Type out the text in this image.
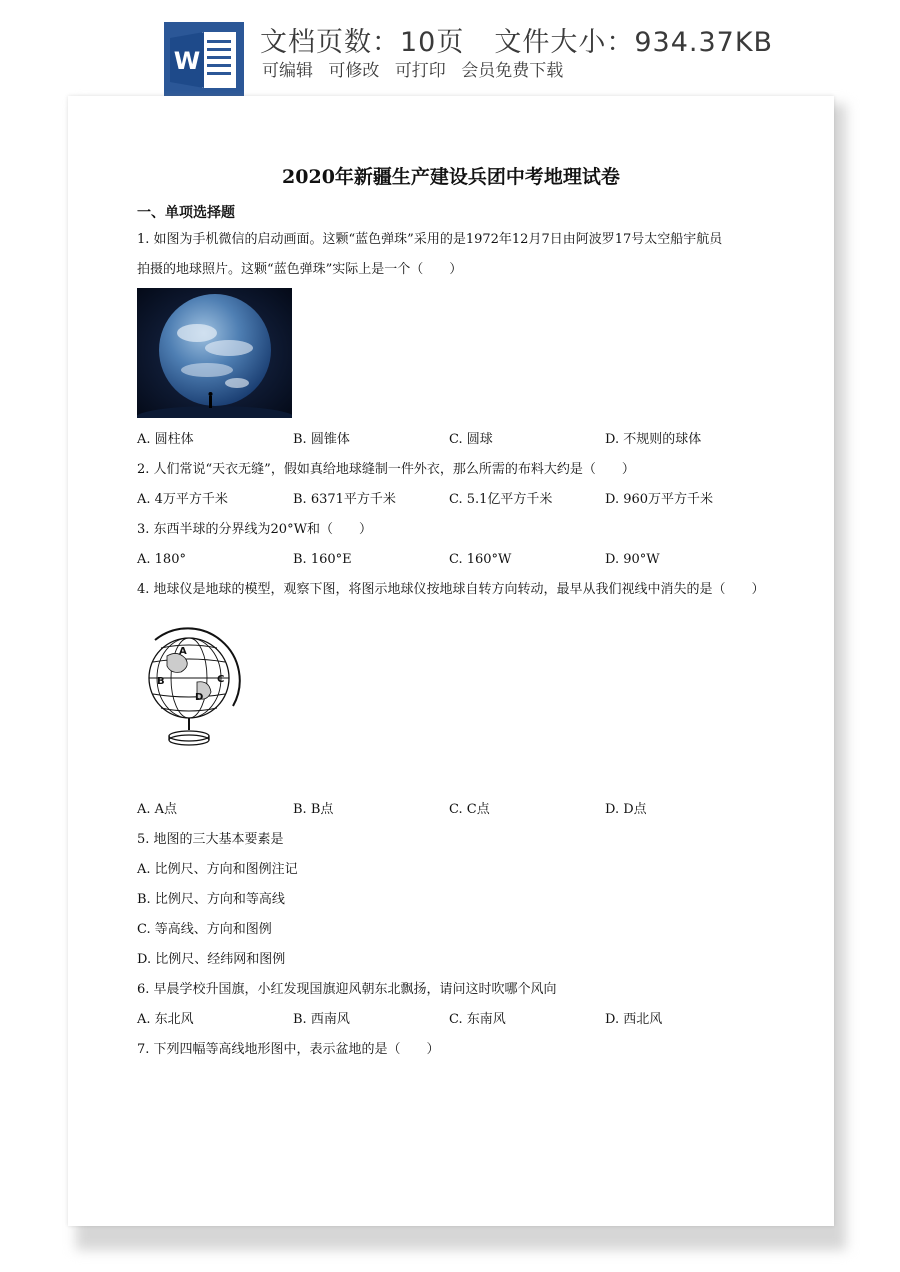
W
文档页数：10页 文件大小：934.37KB
可编辑 可修改 可打印 会员免费下载
2020年新疆生产建设兵团中考地理试卷
一、单项选择题
1. 如图为手机微信的启动画面。这颗“蓝色弹珠”采用的是1972年12月7日由阿波罗17号太空船宇航员
拍摄的地球照片。这颗“蓝色弹珠”实际上是一个（　　）
A. 圆柱体	B. 圆锥体	C. 圆球	D. 不规则的球体
2. 人们常说“天衣无缝”，假如真给地球缝制一件外衣，那么所需的布料大约是（　　）
A. 4万平方千米	B. 6371平方千米	C. 5.1亿平方千米	D. 960万平方千米
3. 东西半球的分界线为20°W和（　　）
A. 180°	B. 160°E	C. 160°W	D. 90°W
4. 地球仪是地球的模型，观察下图，将图示地球仪按地球自转方向转动，最早从我们视线中消失的是（　　）
A
B	C
D
A. A点	B. B点	C. C点	D. D点
5. 地图的三大基本要素是
A. 比例尺、方向和图例注记
B. 比例尺、方向和等高线
C. 等高线、方向和图例
D. 比例尺、经纬网和图例
6. 早晨学校升国旗，小红发现国旗迎风朝东北飘扬，请问这时吹哪个风向
A. 东北风	B. 西南风	C. 东南风	D. 西北风
7. 下列四幅等高线地形图中，表示盆地的是（　　）
